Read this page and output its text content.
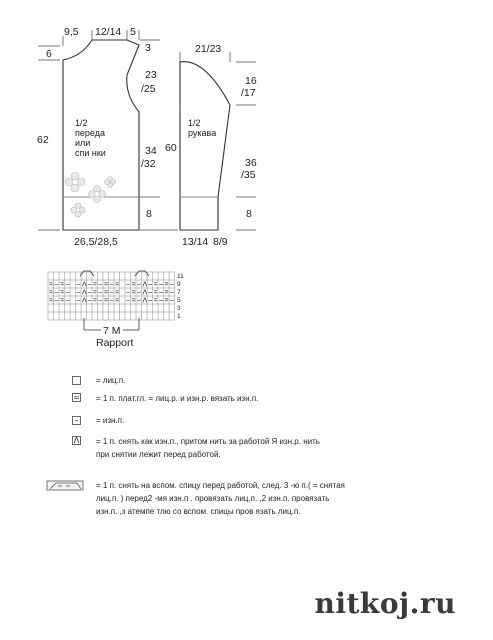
9,5 12/14 5
6
62
3
23
/25
34
/32
8
26,5/28,5
1/2
переда
или
спи нки
21/23
16
/17
60
36
/35
8
13/14 8/9
1/2
рукава
= – = – – Λ – = – = – = – = – Λ – = – = –
= – = – – Λ – = – = – = – = – Λ – = – = –
= – = – – Λ – = – = – = – = – Λ – = – = –
7 M
Rapport
11
9
7
5
3
1
= лиц.п.
= = 1 п. плат.гл. = лиц.р. и изн.р. вязать изн.п.
–	= изн.п.
Λ = 1 п. снять как изн.п., притом нить за работой Я изн.р. нить
при снятии лежит перед работой.
= 1 п. снять на вспом. спицу перед работой, след. 3 -ю п.( = снятая
лиц.п. ) перед2 -мя изн.п . провязать лиц.п. ,2 изн.п. провязать
изн.п. ,з атемпе тлю со вспом. спицы пров язать лиц.п.
nitkoj.ru
